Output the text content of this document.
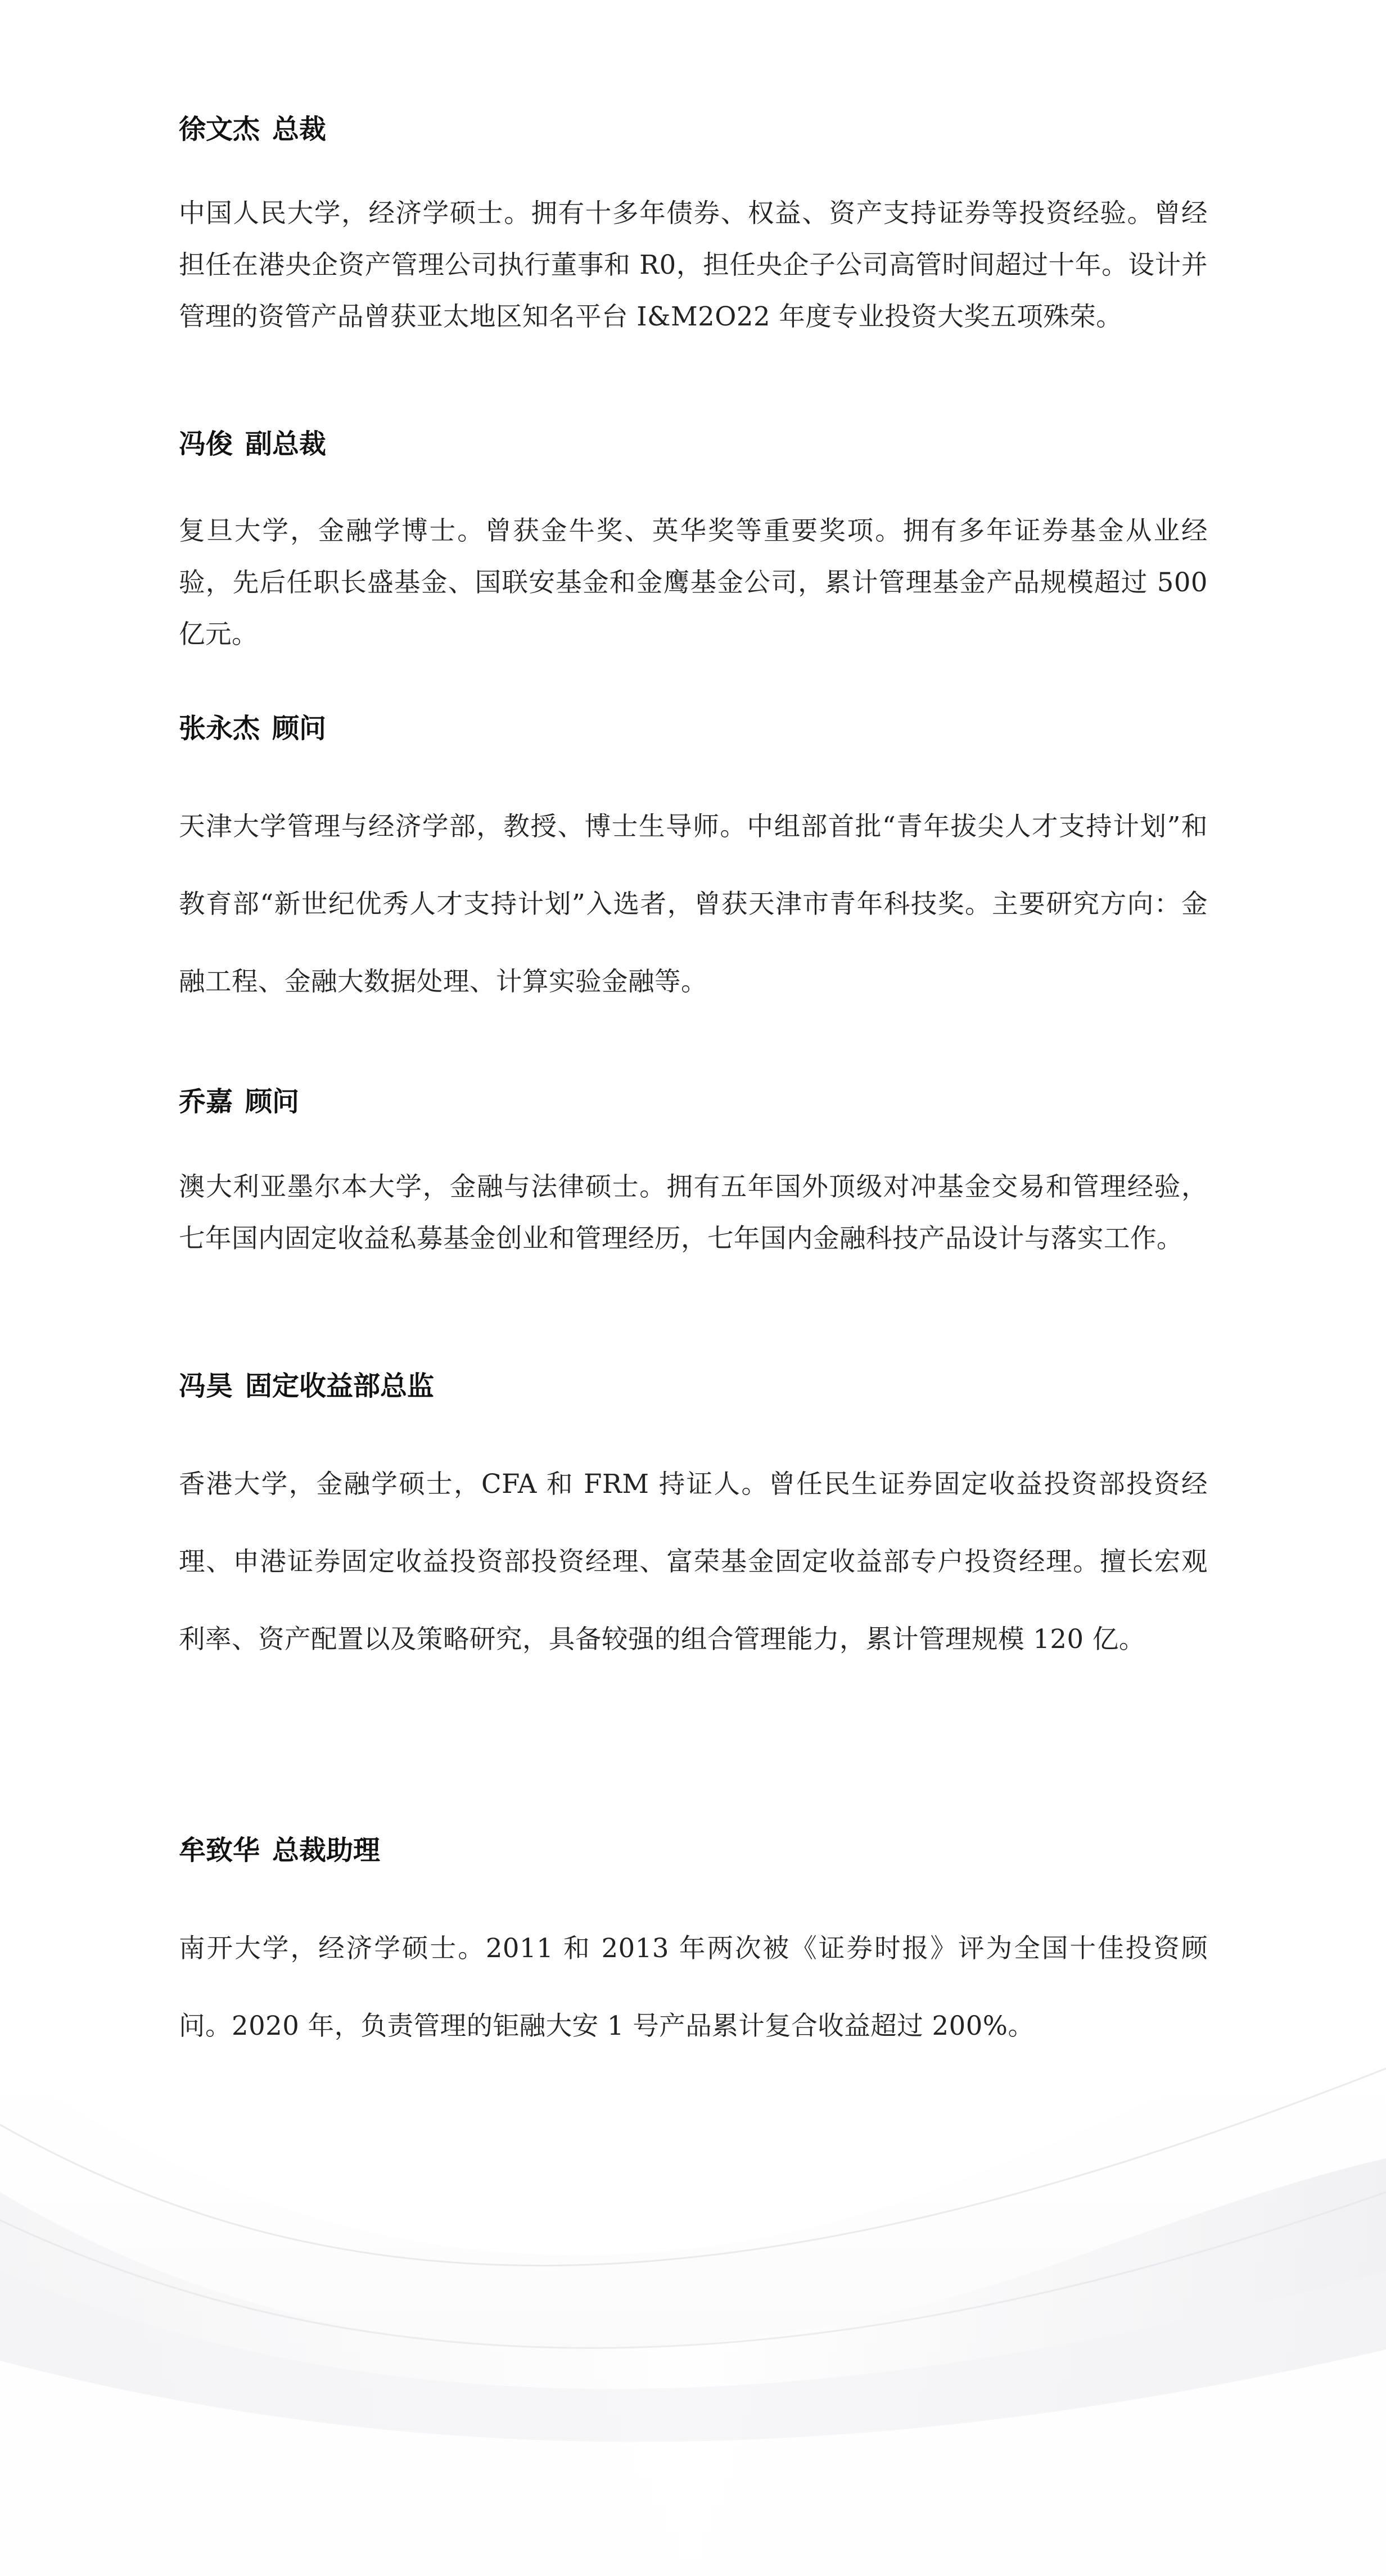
徐文杰 总裁

中国人民大学，经济学硕士。拥有十多年债券、权益、资产支持证券等投资经验。曾经担任在港央企资产管理公司执行董事和 R0，担任央企子公司高管时间超过十年。设计并管理的资管产品曾获亚太地区知名平台 I&M2O22 年度专业投资大奖五项殊荣。

冯俊 副总裁

复旦大学，金融学博士。曾获金牛奖、英华奖等重要奖项。拥有多年证券基金从业经验，先后任职长盛基金、国联安基金和金鹰基金公司，累计管理基金产品规模超过 500 亿元。

张永杰 顾问

天津大学管理与经济学部，教授、博士生导师。中组部首批“青年拔尖人才支持计划”和教育部“新世纪优秀人才支持计划”入选者，曾获天津市青年科技奖。主要研究方向：金融工程、金融大数据处理、计算实验金融等。

乔嘉 顾问

澳大利亚墨尔本大学，金融与法律硕士。拥有五年国外顶级对冲基金交易和管理经验，七年国内固定收益私募基金创业和管理经历，七年国内金融科技产品设计与落实工作。

冯昊 固定收益部总监

香港大学，金融学硕士，CFA 和 FRM 持证人。曾任民生证券固定收益投资部投资经理、申港证券固定收益投资部投资经理、富荣基金固定收益部专户投资经理。擅长宏观利率、资产配置以及策略研究，具备较强的组合管理能力，累计管理规模 120 亿。

牟致华 总裁助理

南开大学，经济学硕士。2011 和 2013 年两次被《证券时报》评为全国十佳投资顾问。2020 年，负责管理的钜融大安 1 号产品累计复合收益超过 200%。
